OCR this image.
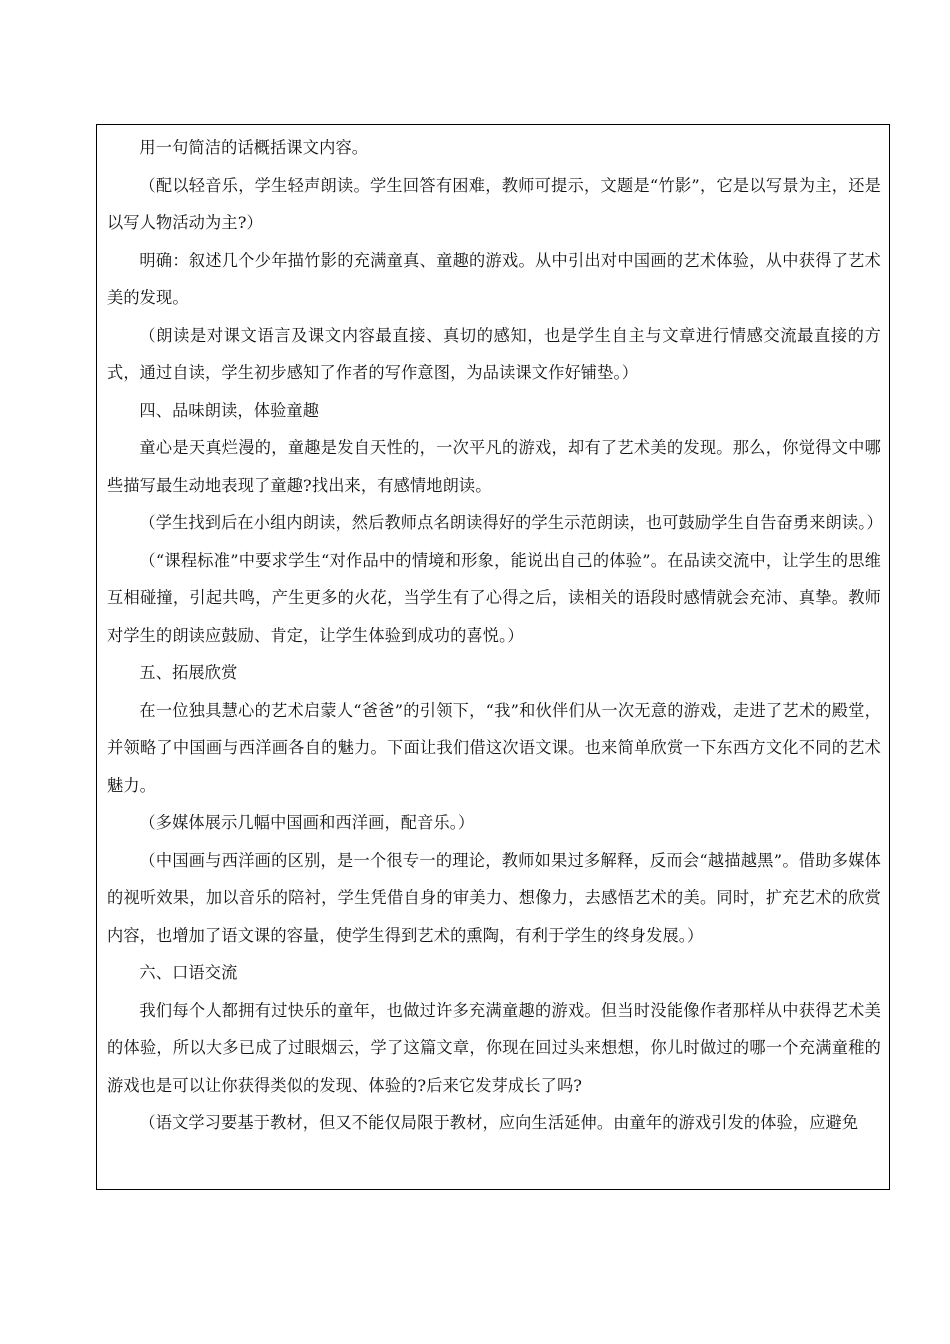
用一句简洁的话概括课文内容。

（配以轻音乐，学生轻声朗读。学生回答有困难，教师可提示，文题是“竹影”，它是以写景为主，还是以写人物活动为主?）

明确：叙述几个少年描竹影的充满童真、童趣的游戏。从中引出对中国画的艺术体验，从中获得了艺术美的发现。

（朗读是对课文语言及课文内容最直接、真切的感知，也是学生自主与文章进行情感交流最直接的方式，通过自读，学生初步感知了作者的写作意图，为品读课文作好铺垫。）

四、品味朗读，体验童趣

童心是天真烂漫的，童趣是发自天性的，一次平凡的游戏，却有了艺术美的发现。那么，你觉得文中哪些描写最生动地表现了童趣?找出来，有感情地朗读。

（学生找到后在小组内朗读，然后教师点名朗读得好的学生示范朗读，也可鼓励学生自告奋勇来朗读。）

（“课程标准”中要求学生“对作品中的情境和形象，能说出自己的体验”。在品读交流中，让学生的思维互相碰撞，引起共鸣，产生更多的火花，当学生有了心得之后，读相关的语段时感情就会充沛、真挚。教师对学生的朗读应鼓励、肯定，让学生体验到成功的喜悦。）

五、拓展欣赏

在一位独具慧心的艺术启蒙人“爸爸”的引领下，“我”和伙伴们从一次无意的游戏，走进了艺术的殿堂，并领略了中国画与西洋画各自的魅力。下面让我们借这次语文课。也来简单欣赏一下东西方文化不同的艺术魅力。

（多媒体展示几幅中国画和西洋画，配音乐。）

（中国画与西洋画的区别，是一个很专一的理论，教师如果过多解释，反而会“越描越黑”。借助多媒体的视听效果，加以音乐的陪衬，学生凭借自身的审美力、想像力，去感悟艺术的美。同时，扩充艺术的欣赏内容，也增加了语文课的容量，使学生得到艺术的熏陶，有利于学生的终身发展。）

六、口语交流

我们每个人都拥有过快乐的童年，也做过许多充满童趣的游戏。但当时没能像作者那样从中获得艺术美的体验，所以大多已成了过眼烟云，学了这篇文章，你现在回过头来想想，你儿时做过的哪一个充满童稚的游戏也是可以让你获得类似的发现、体验的?后来它发芽成长了吗?

（语文学习要基于教材，但又不能仅局限于教材，应向生活延伸。由童年的游戏引发的体验，应避免
